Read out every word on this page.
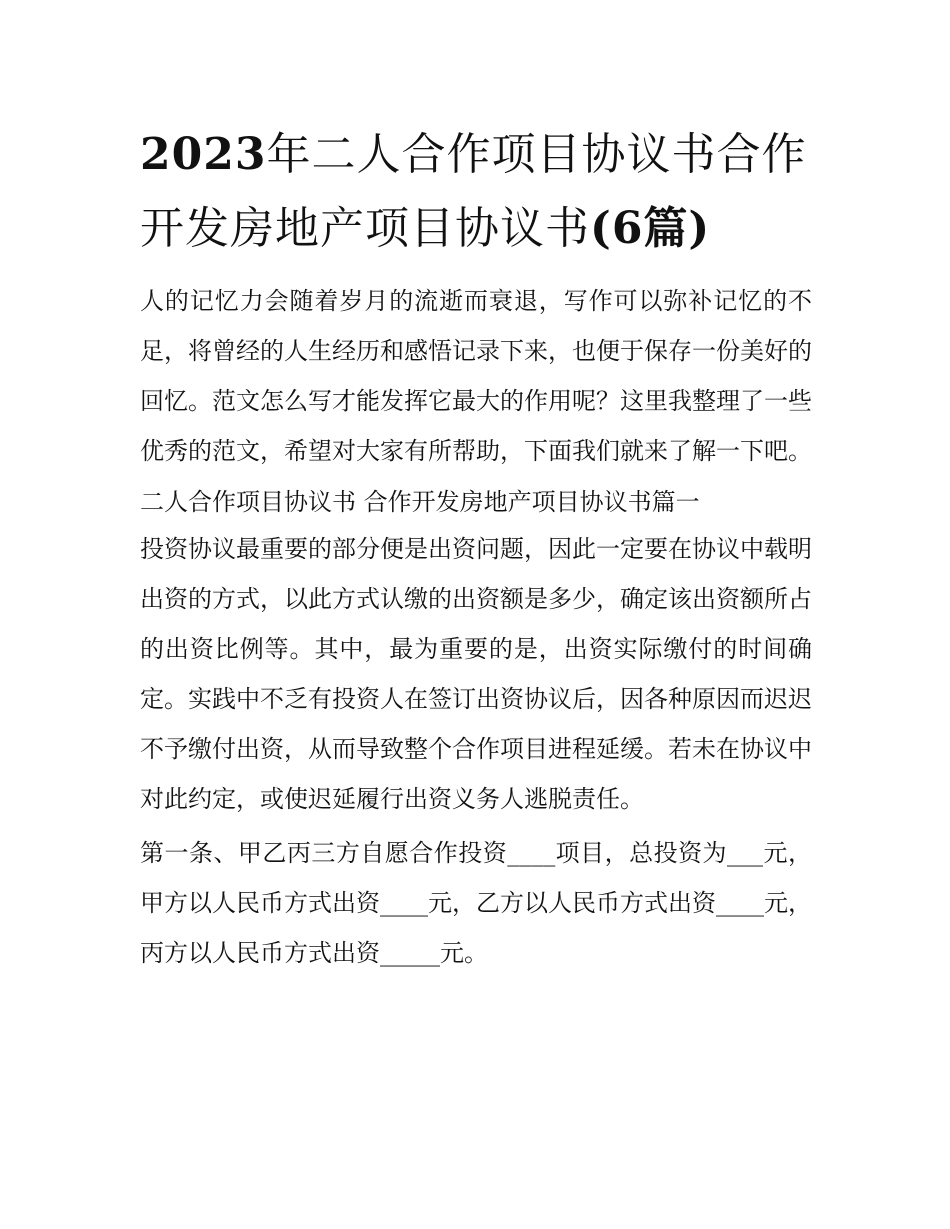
2023年二人合作项目协议书合作开发房地产项目协议书(6篇)

人的记忆力会随着岁月的流逝而衰退，写作可以弥补记忆的不足，将曾经的人生经历和感悟记录下来，也便于保存一份美好的回忆。范文怎么写才能发挥它最大的作用呢？这里我整理了一些优秀的范文，希望对大家有所帮助，下面我们就来了解一下吧。

二人合作项目协议书 合作开发房地产项目协议书篇一

投资协议最重要的部分便是出资问题，因此一定要在协议中载明出资的方式，以此方式认缴的出资额是多少，确定该出资额所占的出资比例等。其中，最为重要的是，出资实际缴付的时间确定。实践中不乏有投资人在签订出资协议后，因各种原因而迟迟不予缴付出资，从而导致整个合作项目进程延缓。若未在协议中对此约定，或使迟延履行出资义务人逃脱责任。

第一条、甲乙丙三方自愿合作投资____项目，总投资为___元，甲方以人民币方式出资____元，乙方以人民币方式出资____元，丙方以人民币方式出资_____元。
